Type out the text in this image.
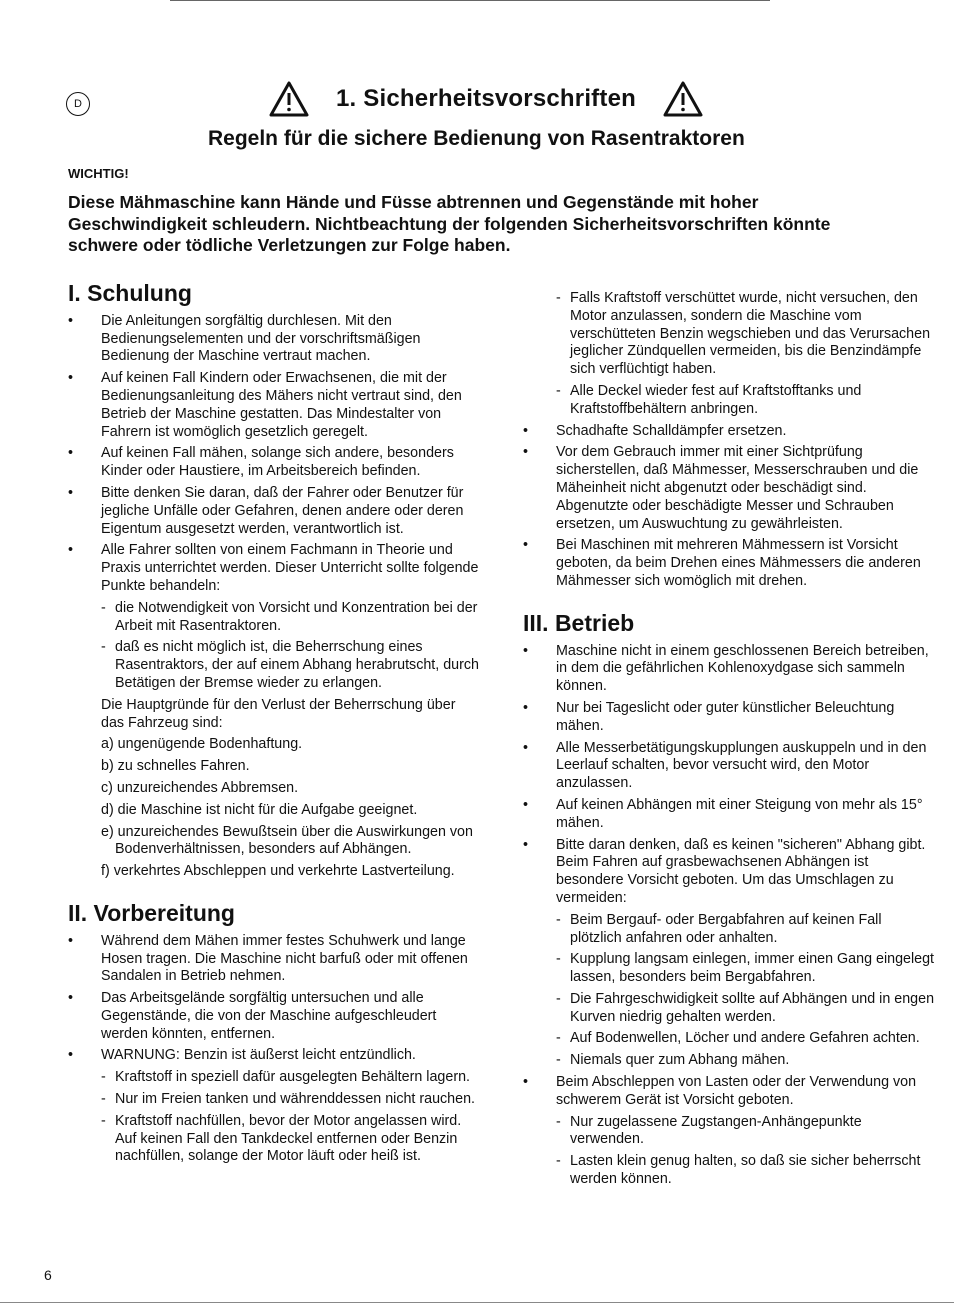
D	1. Sicherheitsvorschriften
Regeln für die sichere Bedienung von Rasentraktoren
WICHTIG!
Diese Mähmaschine kann Hände und Füsse abtrennen und Gegenstände mit hoher Geschwindigkeit schleudern. Nichtbeachtung der folgenden Sicherheitsvorschriften könnte schwere oder tödliche Verletzungen zur Folge haben.
I. Schulung

• Die Anleitungen sorgfältig durchlesen. Mit den Bedienungselementen und der vorschriftsmäßigen Bedienung der Maschine vertraut machen.

• Auf keinen Fall Kindern oder Erwachsenen, die mit der Bedienungsanleitung des Mähers nicht vertraut sind, den Betrieb der Maschine gestatten. Das Mindestalter von Fahrern ist womöglich gesetzlich geregelt.

• Auf keinen Fall mähen, solange sich andere, besonders Kinder oder Haustiere, im Arbeitsbereich befinden.

• Bitte denken Sie daran, daß der Fahrer oder Benutzer für jegliche Unfälle oder Gefahren, denen andere oder deren Eigentum ausgesetzt werden, verantwortlich ist.

• Alle Fahrer sollten von einem Fachmann in Theorie und Praxis unterrichtet werden. Dieser Unterricht sollte folgende Punkte behandeln:

- die Notwendigkeit von Vorsicht und Konzentration bei der Arbeit mit Rasentraktoren.

- daß es nicht möglich ist, die Beherrschung eines Rasentraktors, der auf einem Abhang herabrutscht, durch Betätigen der Bremse wieder zu erlangen.

Die Hauptgründe für den Verlust der Beherrschung über das Fahrzeug sind:

a) ungenügende Bodenhaftung.

b) zu schnelles Fahren.

c) unzureichendes Abbremsen.

d) die Maschine ist nicht für die Aufgabe geeignet.

e) unzureichendes Bewußtsein über die Auswirkungen von Bodenverhältnissen, besonders auf Abhängen.

f) verkehrtes Abschleppen und verkehrte Lastverteilung.

II. Vorbereitung

• Während dem Mähen immer festes Schuhwerk und lange Hosen tragen. Die Maschine nicht barfuß oder mit offenen Sandalen in Betrieb nehmen.

• Das Arbeitsgelände sorgfältig untersuchen und alle Gegenstände, die von der Maschine aufgeschleudert werden könnten, entfernen.

• WARNUNG: Benzin ist äußerst leicht entzündlich.

- Kraftstoff in speziell dafür ausgelegten Behältern lagern.

- Nur im Freien tanken und währenddessen nicht rauchen.

- Kraftstoff nachfüllen, bevor der Motor angelassen wird. Auf keinen Fall den Tankdeckel entfernen oder Benzin nachfüllen, solange der Motor läuft oder heiß ist.

- Falls Kraftstoff verschüttet wurde, nicht versuchen, den Motor anzulassen, sondern die Maschine vom verschütteten Benzin wegschieben und das Verursachen jeglicher Zündquellen vermeiden, bis die Benzindämpfe sich verflüchtigt haben.

- Alle Deckel wieder fest auf Kraftstofftanks und Kraftstoffbehältern anbringen.

• Schadhafte Schalldämpfer ersetzen.

• Vor dem Gebrauch immer mit einer Sichtprüfung sicherstellen, daß Mähmesser, Messerschrauben und die Mäheinheit nicht abgenutzt oder beschädigt sind. Abgenutzte oder beschädigte Messer und Schrauben ersetzen, um Auswuchtung zu gewährleisten.

• Bei Maschinen mit mehreren Mähmessern ist Vorsicht geboten, da beim Drehen eines Mähmessers die anderen Mähmesser sich womöglich mit drehen.

III. Betrieb

• Maschine nicht in einem geschlossenen Bereich betreiben, in dem die gefährlichen Kohlenoxydgase sich sammeln können.

• Nur bei Tageslicht oder guter künstlicher Beleuchtung mähen.

• Alle Messerbetätigungskupplungen auskuppeln und in den Leerlauf schalten, bevor versucht wird, den Motor anzulassen.

• Auf keinen Abhängen mit einer Steigung von mehr als 15° mähen.

• Bitte daran denken, daß es keinen "sicheren" Abhang gibt. Beim Fahren auf grasbewachsenen Abhängen ist besondere Vorsicht geboten. Um das Umschlagen zu vermeiden:

- Beim Bergauf- oder Bergabfahren auf keinen Fall plötzlich anfahren oder anhalten.

- Kupplung langsam einlegen, immer einen Gang eingelegt lassen, besonders beim Bergabfahren.

- Die Fahrgeschwidigkeit sollte auf Abhängen und in engen Kurven niedrig gehalten werden.

- Auf Bodenwellen, Löcher und andere Gefahren achten.

- Niemals quer zum Abhang mähen.

• Beim Abschleppen von Lasten oder der Verwendung von schwerem Gerät ist Vorsicht geboten.

- Nur zugelassene Zugstangen-Anhängepunkte verwenden.

- Lasten klein genug halten, so daß sie sicher beherrscht werden können.

6
